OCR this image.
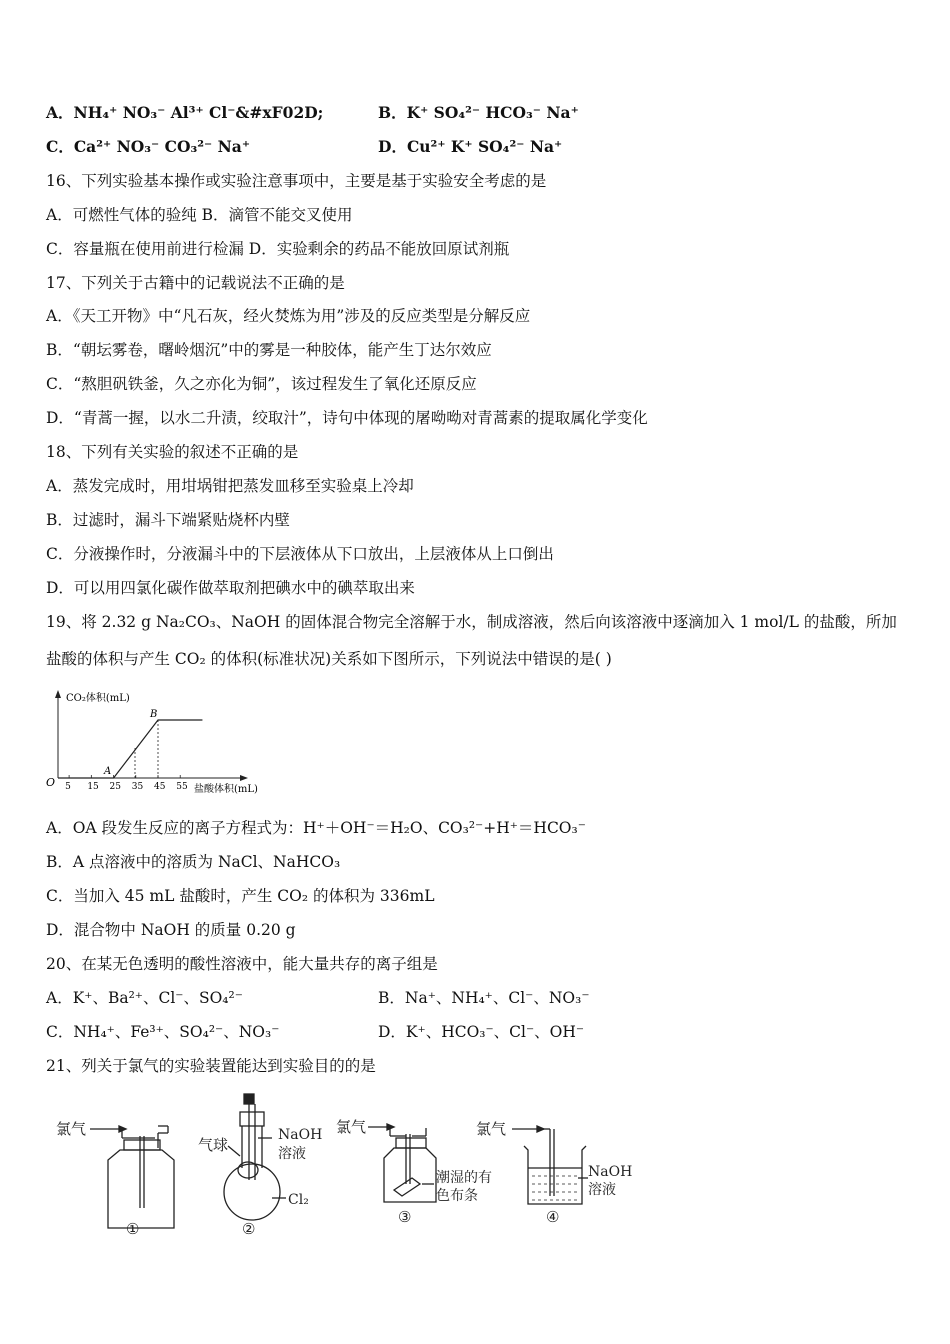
A．NH₄⁺ NO₃⁻ Al³⁺ Cl⁻&#xF02D;	B．K⁺ SO₄²⁻ HCO₃⁻ Na⁺
C．Ca²⁺ NO₃⁻ CO₃²⁻ Na⁺	D．Cu²⁺ K⁺ SO₄²⁻ Na⁺
16、下列实验基本操作或实验注意事项中，主要是基于实验安全考虑的是
A．可燃性气体的验纯 B．滴管不能交叉使用
C．容量瓶在使用前进行检漏 D．实验剩余的药品不能放回原试剂瓶
17、下列关于古籍中的记载说法不正确的是
A．《天工开物》中“凡石灰，经火焚炼为用”涉及的反应类型是分解反应
B．“朝坛雾卷，曙岭烟沉”中的雾是一种胶体，能产生丁达尔效应
C．“熬胆矾铁釜，久之亦化为铜”，该过程发生了氧化还原反应
D．“青蒿一握，以水二升渍，绞取汁”，诗句中体现的屠呦呦对青蒿素的提取属化学变化
18、下列有关实验的叙述不正确的是
A．蒸发完成时，用坩埚钳把蒸发皿移至实验桌上冷却
B．过滤时，漏斗下端紧贴烧杯内壁
C．分液操作时，分液漏斗中的下层液体从下口放出，上层液体从上口倒出
D．可以用四氯化碳作做萃取剂把碘水中的碘萃取出来
19、将 2.32 g Na₂CO₃、NaOH 的固体混合物完全溶解于水，制成溶液，然后向该溶液中逐滴加入 1 mol/L 的盐酸，所加
盐酸的体积与产生 CO₂ 的体积(标准状况)关系如下图所示，下列说法中错误的是( )
CO₂体积(mL)
盐酸体积(mL)
O 5 15 25 35 45 55
A
B
A．OA 段发生反应的离子方程式为：H⁺＋OH⁻＝H₂O、CO₃²⁻+H⁺＝HCO₃⁻
B．A 点溶液中的溶质为 NaCl、NaHCO₃
C．当加入 45 mL 盐酸时，产生 CO₂ 的体积为 336mL
D．混合物中 NaOH 的质量 0.20 g
20、在某无色透明的酸性溶液中，能大量共存的离子组是
A．K⁺、Ba²⁺、Cl⁻、SO₄²⁻	B．Na⁺、NH₄⁺、Cl⁻、NO₃⁻
C．NH₄⁺、Fe³⁺、SO₄²⁻、NO₃⁻	D．K⁺、HCO₃⁻、Cl⁻、OH⁻
21、列关于氯气的实验装置能达到实验目的的是
氯气
①
NaOH
溶液
气球
Cl₂
②
氯气
潮湿的有
色布条
③
氯气
NaOH
溶液
④
